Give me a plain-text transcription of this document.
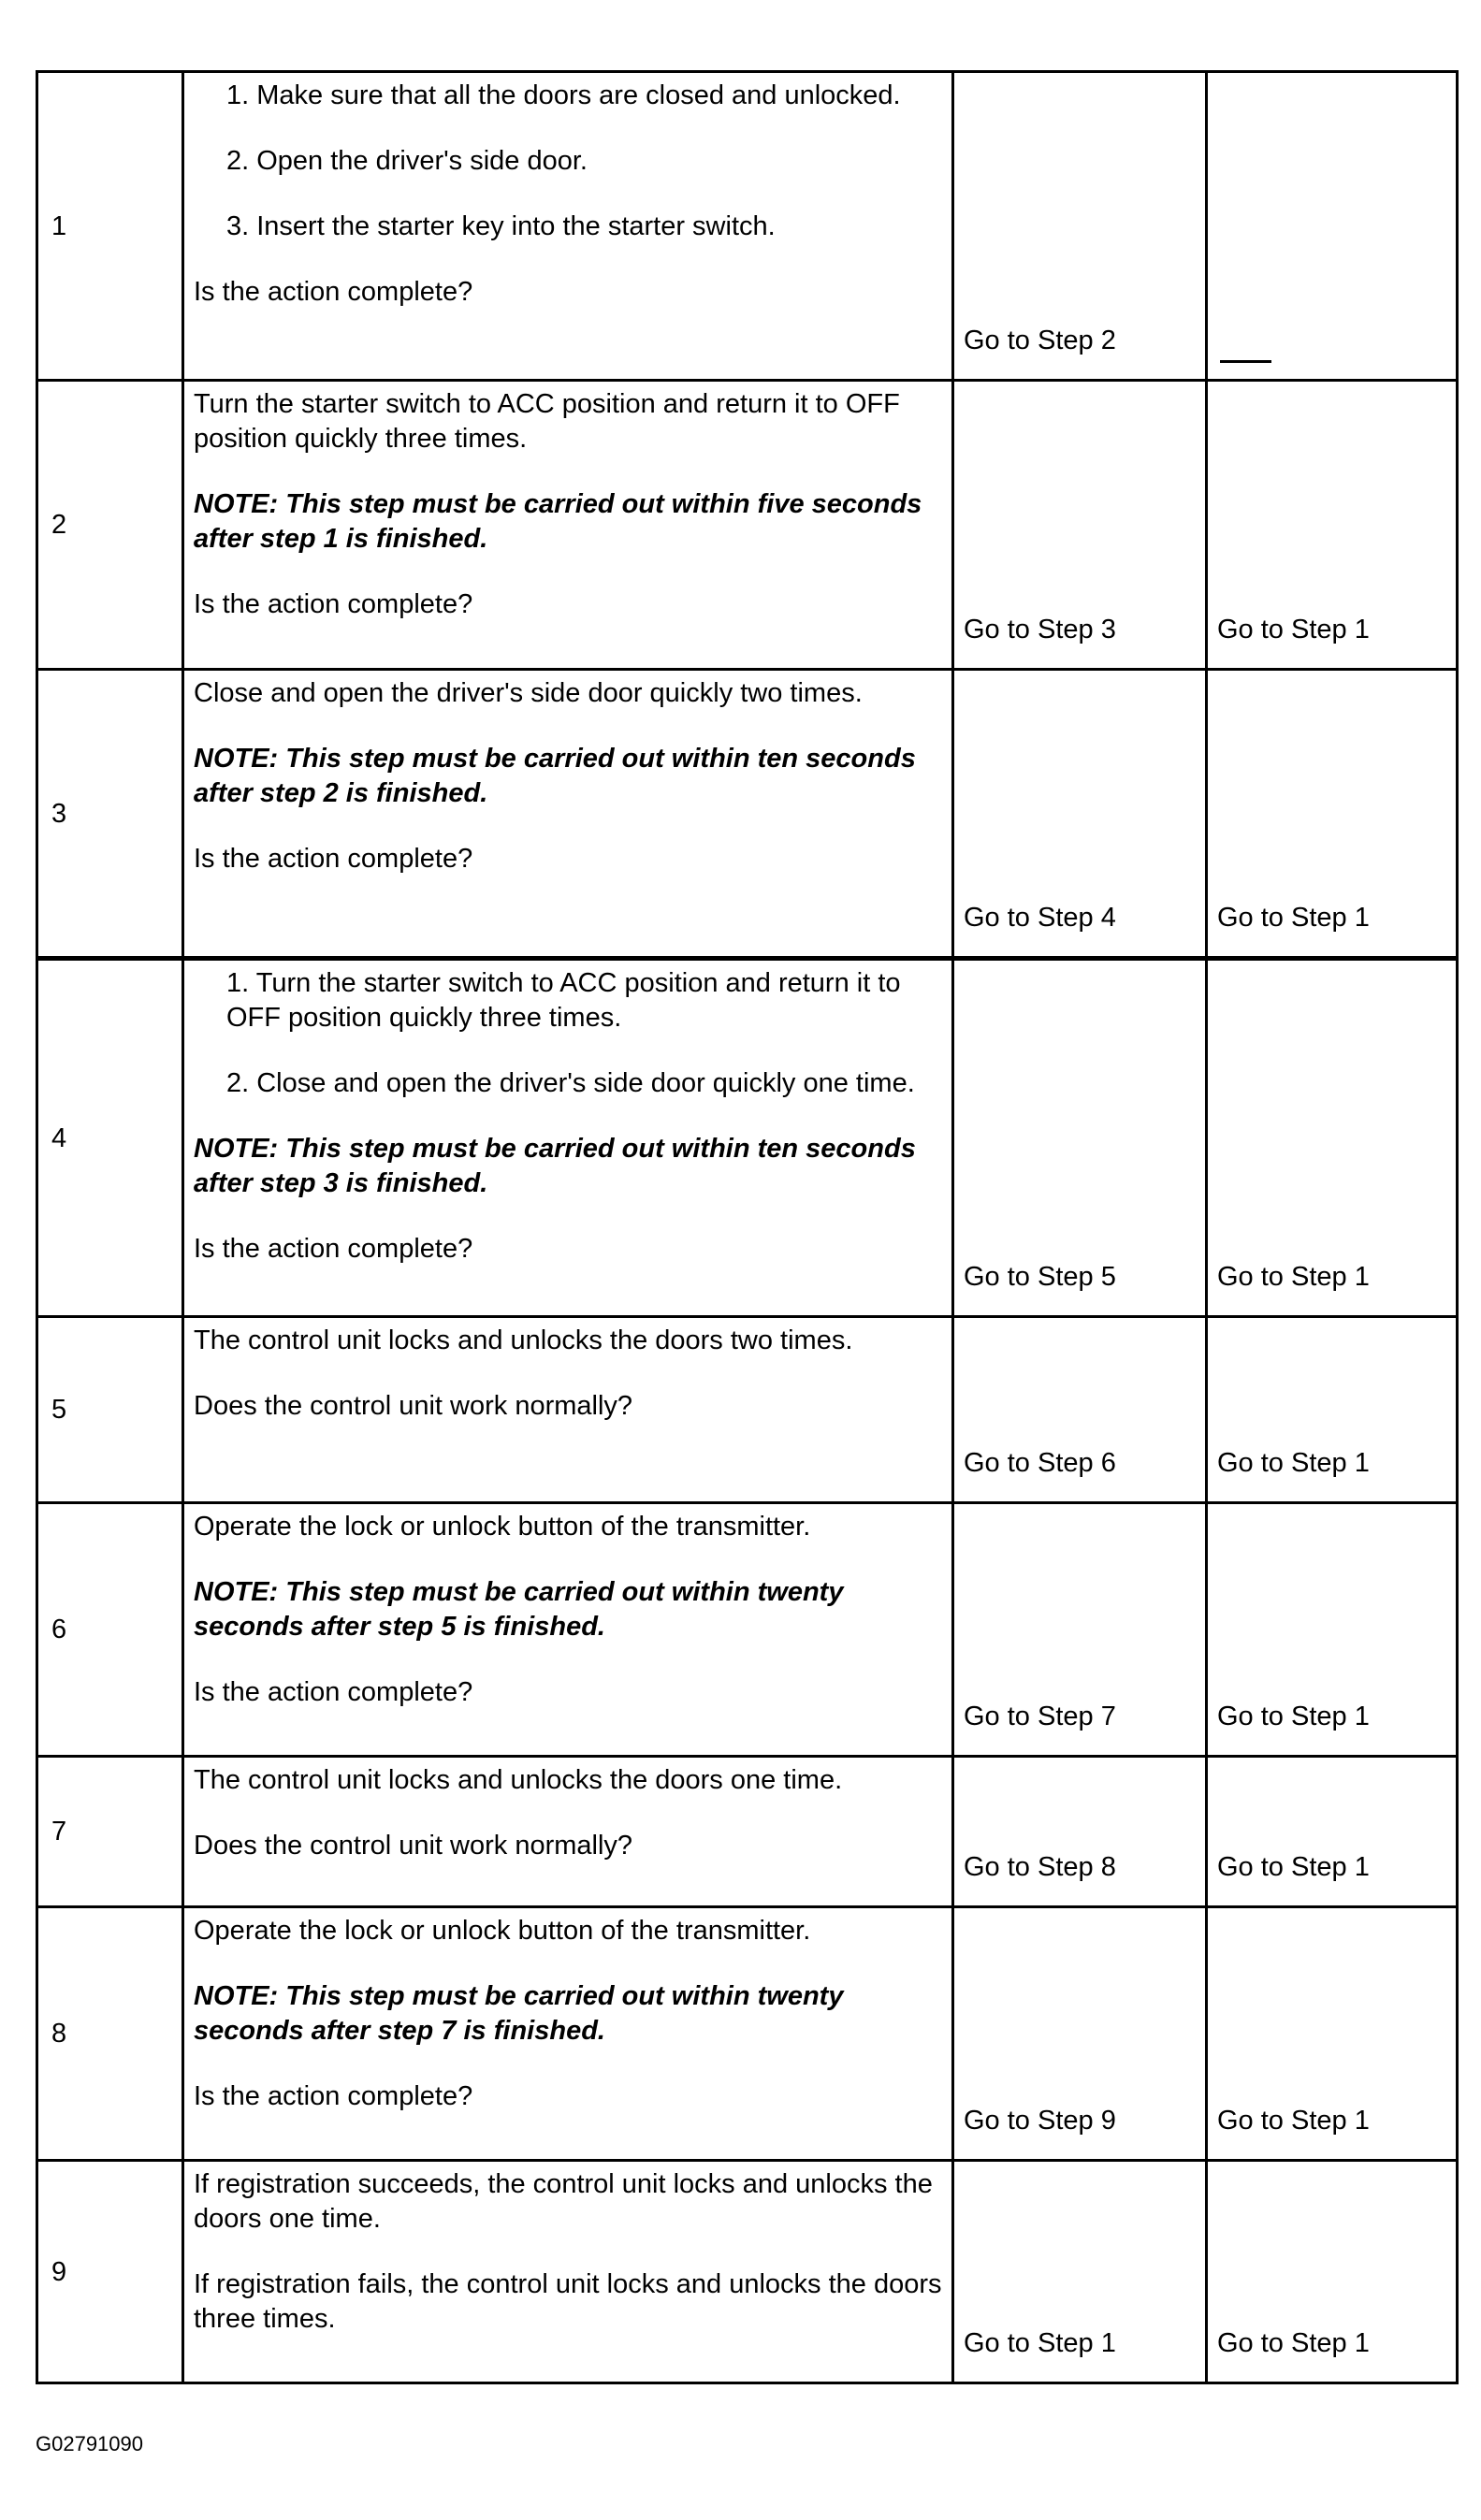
1	1. Make sure that all the doors are closed and unlocked.

2. Open the driver's side door.

3. Insert the starter key into the starter switch.

Is the action complete?	Go to Step 2	

2	Turn the starter switch to ACC position and return it to OFF position quickly three times.

NOTE: This step must be carried out within five seconds after step 1 is finished.

Is the action complete?	Go to Step 3	Go to Step 1

3	Close and open the driver's side door quickly two times.

NOTE: This step must be carried out within ten seconds after step 2 is finished.

Is the action complete?	Go to Step 4	Go to Step 1

4	1. Turn the starter switch to ACC position and return it to OFF position quickly three times.

2. Close and open the driver's side door quickly one time.

NOTE: This step must be carried out within ten seconds after step 3 is finished.

Is the action complete?	Go to Step 5	Go to Step 1

5	The control unit locks and unlocks the doors two times.

Does the control unit work normally?	Go to Step 6	Go to Step 1

6	Operate the lock or unlock button of the transmitter.

NOTE: This step must be carried out within twenty seconds after step 5 is finished.

Is the action complete?	Go to Step 7	Go to Step 1

7	The control unit locks and unlocks the doors one time.

Does the control unit work normally?	Go to Step 8	Go to Step 1

8	Operate the lock or unlock button of the transmitter.

NOTE: This step must be carried out within twenty seconds after step 7 is finished.

Is the action complete?	Go to Step 9	Go to Step 1

9	If registration succeeds, the control unit locks and unlocks the doors one time.

If registration fails, the control unit locks and unlocks the doors three times.	Go to Step 1	Go to Step 1
G02791090
